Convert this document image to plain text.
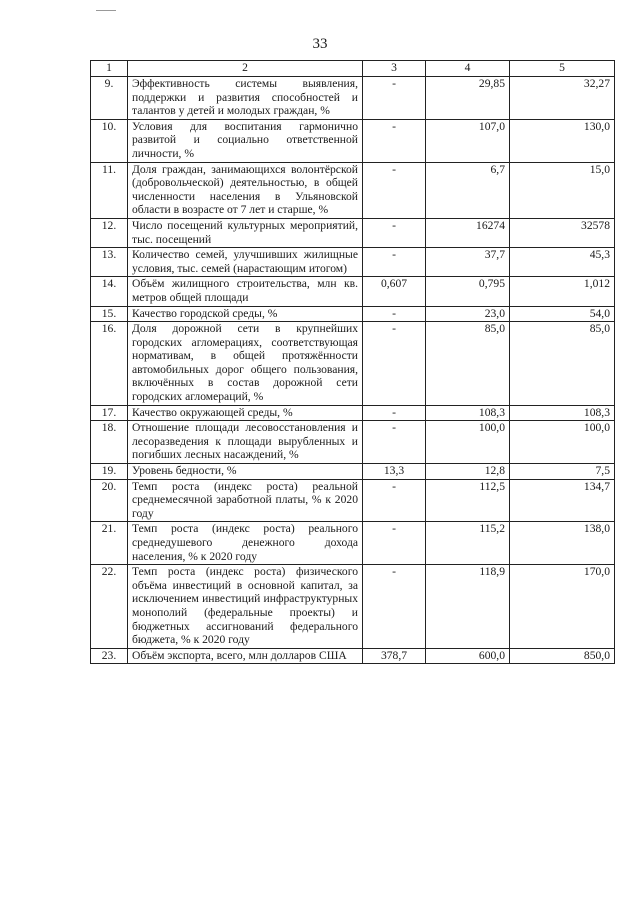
33
1	2	3	4	5
9.	Эффективность системы выявления, поддержки и развития способностей и талантов у детей и молодых граждан, %	-	29,85	32,27
10.	Условия для воспитания гармонично развитой и социально ответственной личности, %	-	107,0	130,0
11.	Доля граждан, занимающихся волонтёрской (добровольческой) деятельностью, в общей численности населения в Ульяновской области в возрасте от 7 лет и старше, %	-	6,7	15,0
12.	Число посещений культурных мероприятий, тыс. посещений	-	16274	32578
13.	Количество семей, улучшивших жилищные условия, тыс. семей (нарастающим итогом)	-	37,7	45,3
14.	Объём жилищного строительства, млн кв. метров общей площади	0,607	0,795	1,012
15.	Качество городской среды, %	-	23,0	54,0
16.	Доля дорожной сети в крупнейших городских агломерациях, соответствующая нормативам, в общей протяжённости автомобильных дорог общего пользования, включённых в состав дорожной сети городских агломераций, %	-	85,0	85,0
17.	Качество окружающей среды, %	-	108,3	108,3
18.	Отношение площади лесовосстановления и лесоразведения к площади вырубленных и погибших лесных насаждений, %	-	100,0	100,0
19.	Уровень бедности, %	13,3	12,8	7,5
20.	Темп роста (индекс роста) реальной среднемесячной заработной платы, % к 2020 году	-	112,5	134,7
21.	Темп роста (индекс роста) реального среднедушевого денежного дохода населения, % к 2020 году	-	115,2	138,0
22.	Темп роста (индекс роста) физического объёма инвестиций в основной капитал, за исключением инвестиций инфраструктурных монополий (федеральные проекты) и бюджетных ассигнований федерального бюджета, % к 2020 году	-	118,9	170,0
23.	Объём экспорта, всего, млн долларов США	378,7	600,0	850,0
